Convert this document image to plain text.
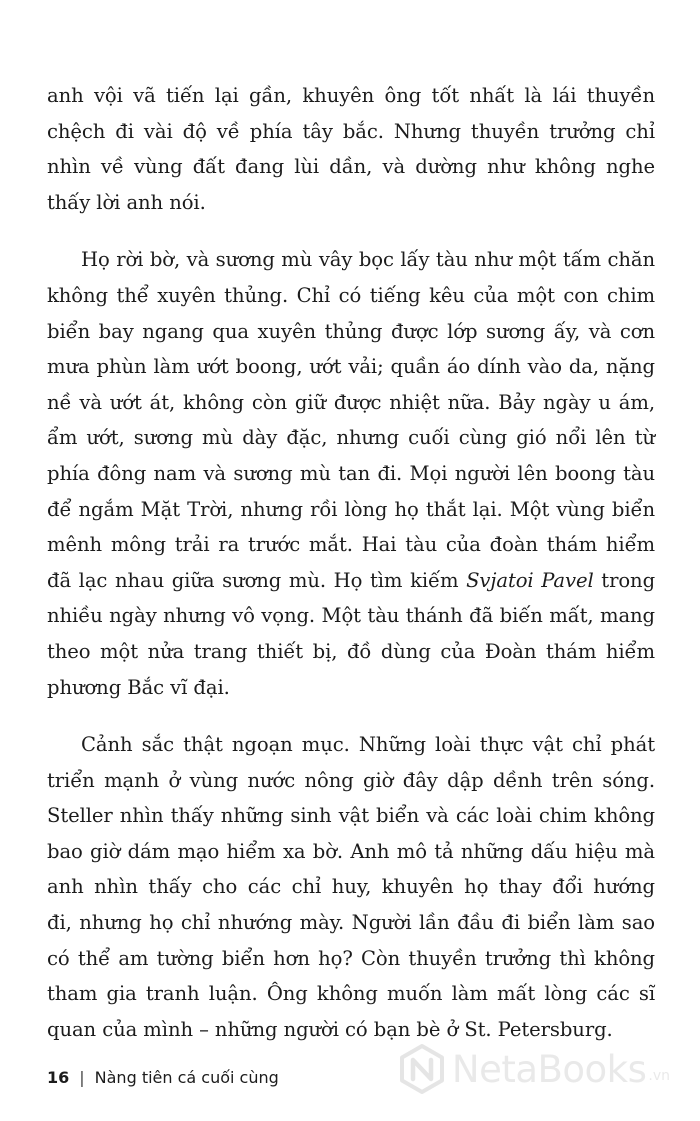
anh vội vã tiến lại gần, khuyên ông tốt nhất là lái thuyền
chệch đi vài độ về phía tây bắc. Nhưng thuyền trưởng chỉ
nhìn về vùng đất đang lùi dần, và dường như không nghe
thấy lời anh nói.

Họ rời bờ, và sương mù vây bọc lấy tàu như một tấm chăn
không thể xuyên thủng. Chỉ có tiếng kêu của một con chim
biển bay ngang qua xuyên thủng được lớp sương ấy, và cơn
mưa phùn làm ướt boong, ướt vải; quần áo dính vào da, nặng
nề và ướt át, không còn giữ được nhiệt nữa. Bảy ngày u ám,
ẩm ướt, sương mù dày đặc, nhưng cuối cùng gió nổi lên từ
phía đông nam và sương mù tan đi. Mọi người lên boong tàu
để ngắm Mặt Trời, nhưng rồi lòng họ thắt lại. Một vùng biển
mênh mông trải ra trước mắt. Hai tàu của đoàn thám hiểm
đã lạc nhau giữa sương mù. Họ tìm kiếm Svjatoi Pavel trong
nhiều ngày nhưng vô vọng. Một tàu thánh đã biến mất, mang
theo một nửa trang thiết bị, đồ dùng của Đoàn thám hiểm
phương Bắc vĩ đại.

Cảnh sắc thật ngoạn mục. Những loài thực vật chỉ phát
triển mạnh ở vùng nước nông giờ đây dập dềnh trên sóng.
Steller nhìn thấy những sinh vật biển và các loài chim không
bao giờ dám mạo hiểm xa bờ. Anh mô tả những dấu hiệu mà
anh nhìn thấy cho các chỉ huy, khuyên họ thay đổi hướng
đi, nhưng họ chỉ nhướng mày. Người lần đầu đi biển làm sao
có thể am tường biển hơn họ? Còn thuyền trưởng thì không
tham gia tranh luận. Ông không muốn làm mất lòng các sĩ
quan của mình – những người có bạn bè ở St. Petersburg.

16 | Nàng tiên cá cuối cùng	NetaBooks .vn
